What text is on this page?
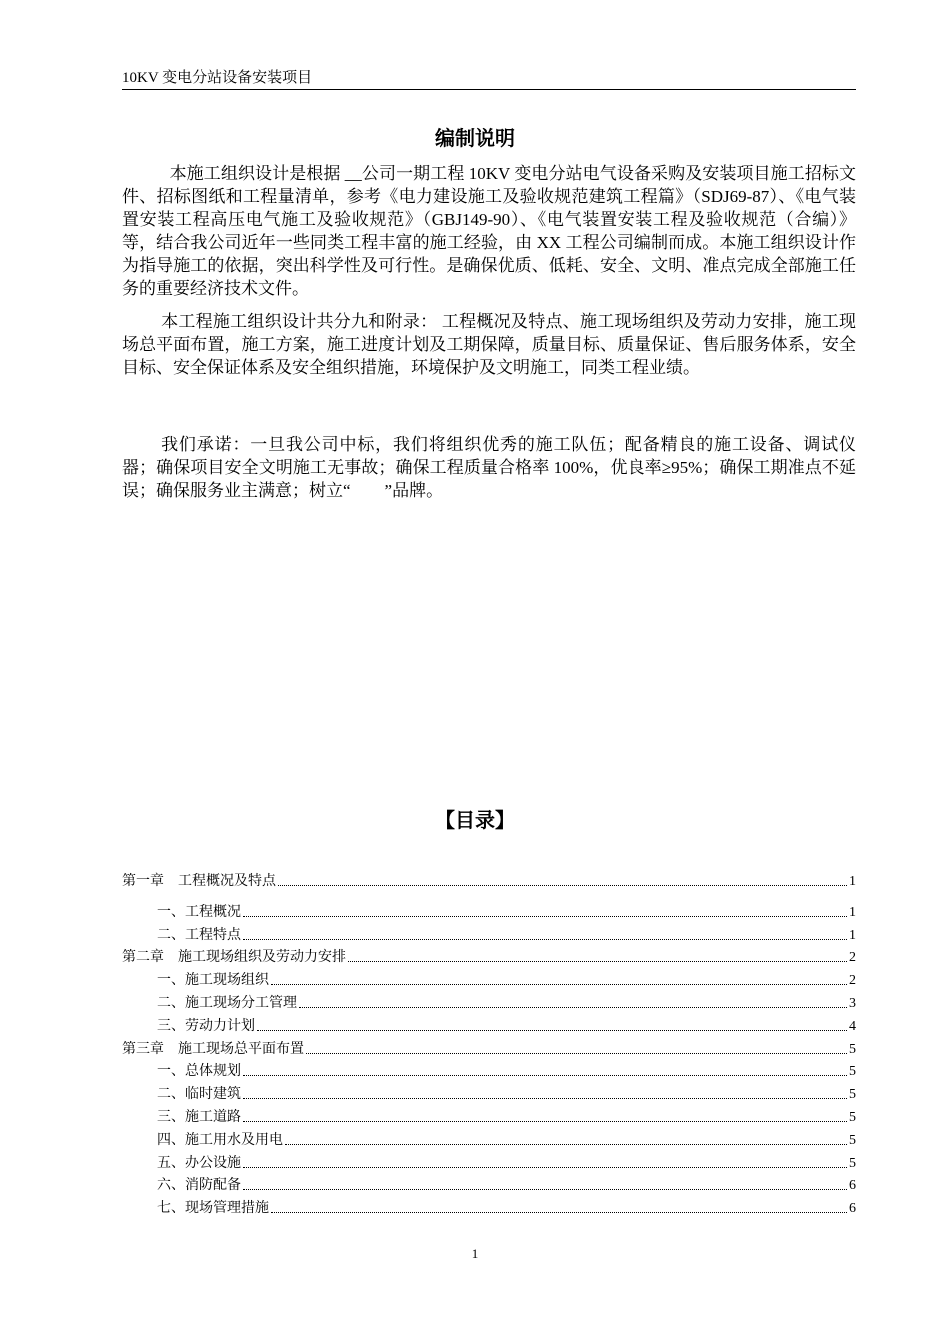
10KV 变电分站设备安装项目
编制说明

本施工组织设计是根据 __公司一期工程 10KV 变电分站电气设备采购及安装项目施工招标文件、招标图纸和工程量清单，参考《电力建设施工及验收规范建筑工程篇》（SDJ69-87）、《电气装置安装工程高压电气施工及验收规范》（GBJ149-90）、《电气装置安装工程及验收规范（合编）》等，结合我公司近年一些同类工程丰富的施工经验，由 XX 工程公司编制而成。本施工组织设计作为指导施工的依据，突出科学性及可行性。是确保优质、低耗、安全、文明、准点完成全部施工任务的重要经济技术文件。

本工程施工组织设计共分九和附录： 工程概况及特点、施工现场组织及劳动力安排，施工现场总平面布置，施工方案，施工进度计划及工期保障，质量目标、质量保证、售后服务体系，安全目标、安全保证体系及安全组织措施，环境保护及文明施工，同类工程业绩。

我们承诺：一旦我公司中标，我们将组织优秀的施工队伍；配备精良的施工设备、调试仪器；确保项目安全文明施工无事故；确保工程质量合格率 100%，优良率≥95%；确保工期准点不延误；确保服务业主满意；树立“　　”品牌。

【目录】
第一章　工程概况及特点	1
一、工程概况	1
二、工程特点	1
第二章　施工现场组织及劳动力安排	2
一、施工现场组织	2
二、施工现场分工管理	3
三、劳动力计划	4
第三章　施工现场总平面布置	5
一、总体规划	5
二、临时建筑	5
三、施工道路	5
四、施工用水及用电	5
五、办公设施	5
六、消防配备	6
七、现场管理措施	6
1
